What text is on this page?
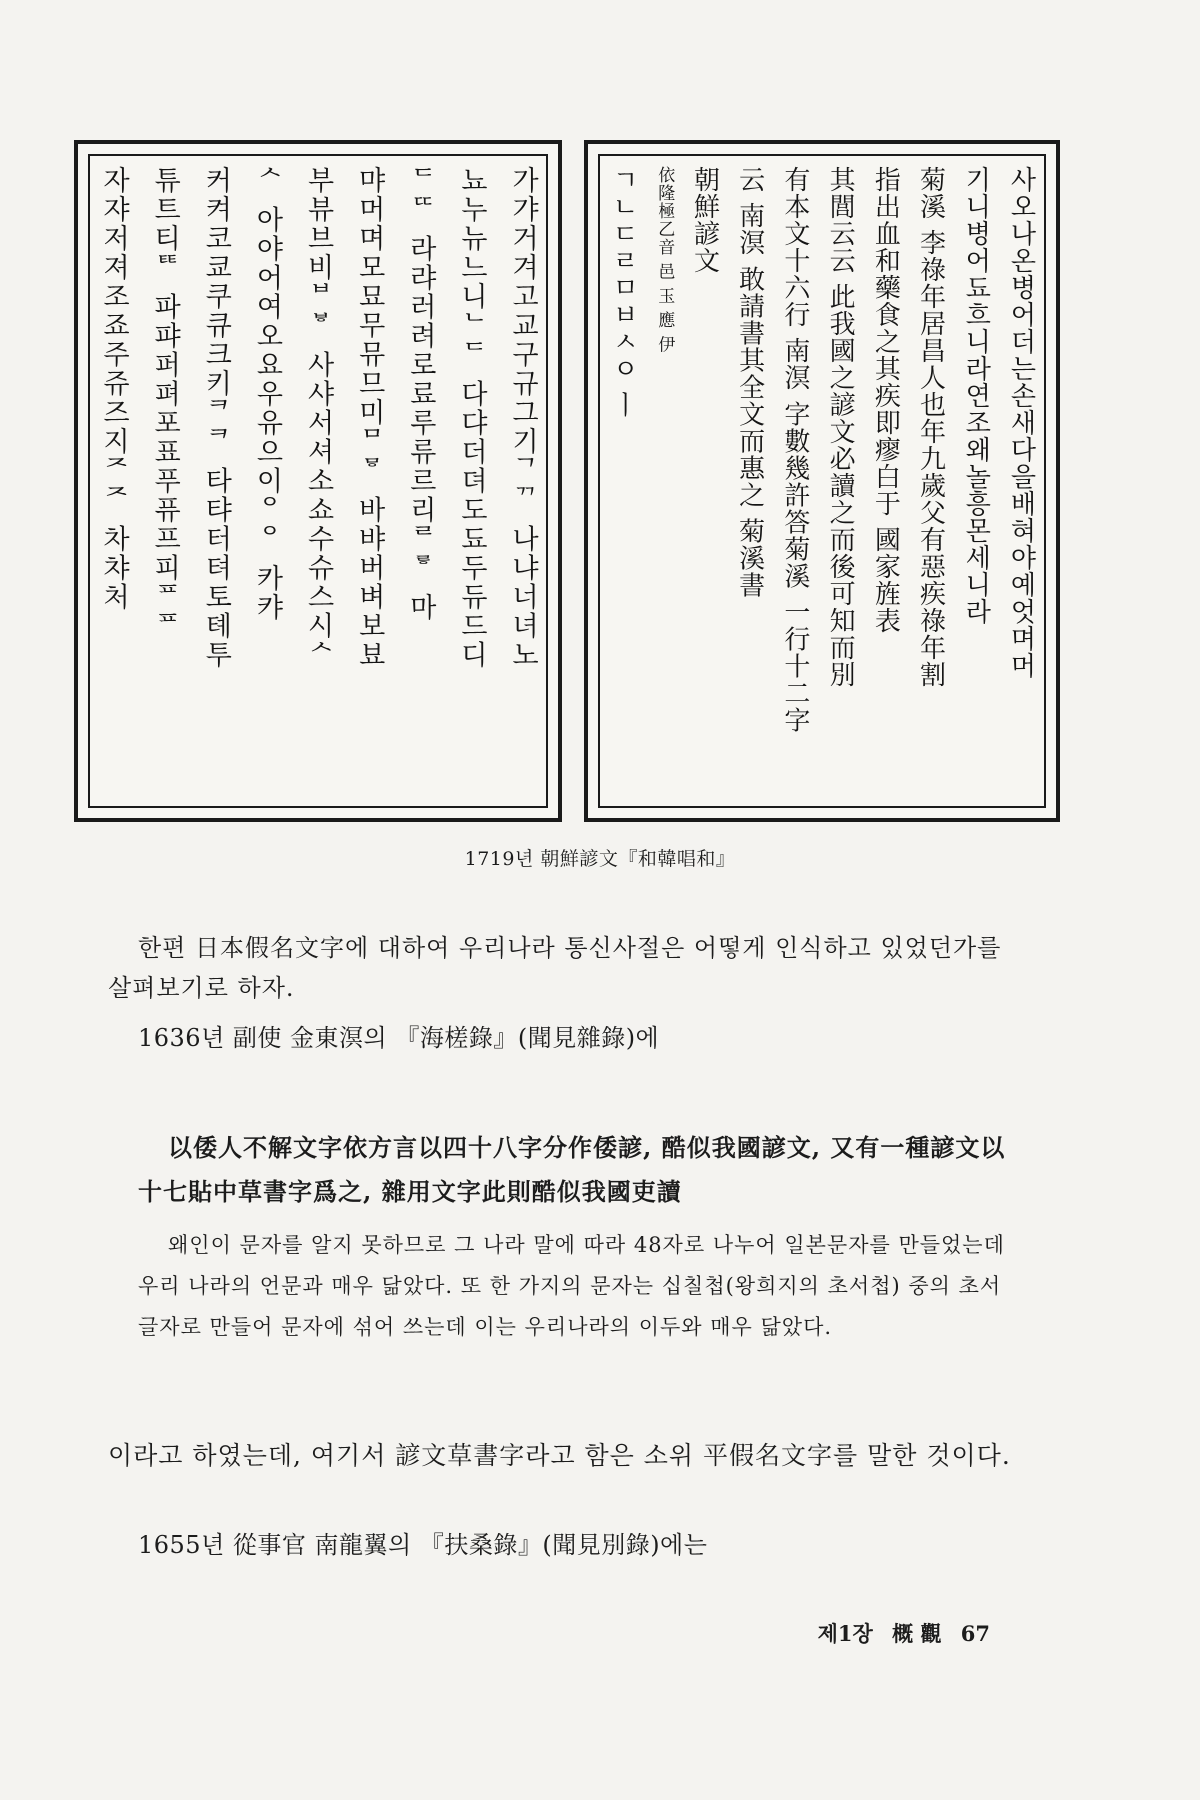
가갸거겨고교구규그기ᄀᄁ 나냐너녀노
뇨누뉴느니ᄂᄃ 다댜더뎌도됴두듀드디
ᄃᄄ 라랴러려로료루류르리ᄅᄛ 마
먀머며모묘무뮤므미ᄆᄝ 바뱌버벼보뵤
부뷰브비ᄇᄫ 사샤서셔소쇼수슈스시ᄉ
ᄉ 아야어여오요우유으이ᄋᄋ 카캬
커켜코쿄쿠큐크키ᄏᄏ 타탸터텨토톄투
튜트티ᄐᄐ 파퍄퍼펴포표푸퓨프피ᄑᄑ
자쟈저져조죠주쥬즈지ᄌᄌ 차챠처	사오나온병어더는손새다을배혀야예엇며머
기니병어됴흐니라연조왜놀흥몬세니라
菊溪 李祿年居昌人也年九歲父有惡疾祿年割
指出血和藥食之其疾即瘳白于 國家旌表
其閭云云 此我國之諺文必讀之而後可知而別
有本文十六行 南溟 字數幾許答菊溪 一行十二字
云 南溟 敢請書其全文而惠之 菊溪書
朝鮮諺文
依隆極乙音 邑 玉 應 伊
ㄱㄴㄷㄹㅁㅂㅅㅇ ㅣ
1719년 朝鮮諺文『和韓唱和』

한편 日本假名文字에 대하여 우리나라 통신사절은 어떻게 인식하고 있었던가를 살펴보기로 하자.

1636년 副使 金東溟의 『海槎錄』(聞見雜錄)에

以倭人不解文字依方言以四十八字分作倭諺, 酷似我國諺文, 又有一種諺文以十七貼中草書字爲之, 雜用文字此則酷似我國吏讀

왜인이 문자를 알지 못하므로 그 나라 말에 따라 48자로 나누어 일본문자를 만들었는데 우리 나라의 언문과 매우 닮았다. 또 한 가지의 문자는 십칠첩(왕희지의 초서첩) 중의 초서 글자로 만들어 문자에 섞어 쓰는데 이는 우리나라의 이두와 매우 닮았다.

이라고 하였는데, 여기서 諺文草書字라고 함은 소위 平假名文字를 말한 것이다.

1655년 從事官 南龍翼의 『扶桑錄』(聞見別錄)에는

제1장 概 觀 67
